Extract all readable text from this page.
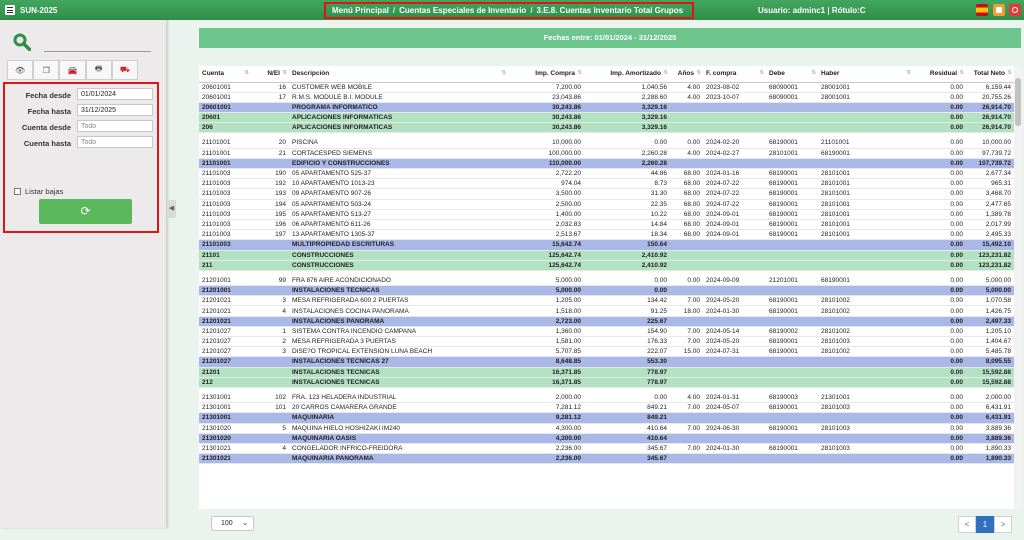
SUN-2025	Menú Principal / Cuentas Especiales de Inventario / 3.E.8. Cuentas Inventario Total Grupos	Usuario: adminc1 | Rótulo:C
👁	❐	🚘	🖶	⛟
Fecha desde
01/01/2024
Fecha hasta
31/12/2025
Cuenta desde
Todo
Cuenta hasta
Todo
Listar bajas
⟳	◀
Fechas entre: 01/01/2024 - 31/12/2025
Cuenta ⇅	N/EI ⇅	Descripción ⇅	Imp. Compra ⇅	Imp. Amortizado ⇅	Años ⇅	F. compra ⇅	Debe ⇅	Haber ⇅	Residual ⇅	Total Neto ⇅

20601001	16	CUSTOMER WEB MOBILE	7,200.00	1,040.56	4.00	2023-08-02	68090001	28001001	0.00	6,159.44
20601001	17	R.M.S. MODULE B.I. MODULE	23,043.86	2,288.60	4.00	2023-10-07	68090001	28001001	0.00	20,755.26
20601001		PROGRAMA INFORMATICO	30,243.86	3,329.16					0.00	26,914.70
20601		APLICACIONES INFORMATICAS	30,243.86	3,329.16					0.00	26,914.70
206		APLICACIONES INFORMATICAS	30,243.86	3,329.16					0.00	26,914.70

21101001	20	PISCINA	10,000.00	0.00	0.00	2024-02-20	68190001	21101001	0.00	10,000.00
21101001	21	CORTACESPED SIEMENS	100,000.00	2,260.28	4.00	2024-02-27	28101001	68190001	0.00	97,739.72
21101001		EDIFICIO Y CONSTRUCCIONES	110,000.00	2,260.28					0.00	107,739.72
21101003	190	05 APARTAMENTO 525-37	2,722.20	44.86	68.00	2024-01-16	68190001	28101001	0.00	2,677.34
21101003	192	10 APARTAMENTO 1013-23	974.04	8.73	68.00	2024-07-22	68190001	28101001	0.00	965.31
21101003	193	09 APARTAMENTO 907-26	3,500.00	31.30	68.00	2024-07-22	68190001	28101001	0.00	3,468.70
21101003	194	05 APARTAMENTO 503-24	2,500.00	22.35	68.00	2024-07-22	68190001	28101001	0.00	2,477.65
21101003	195	05 APARTAMENTO 513-27	1,400.00	10.22	68.00	2024-09-01	68190001	28101001	0.00	1,389.78
21101003	196	06 APARTAMENTO 611-26	2,032.83	14.84	68.00	2024-09-01	68190001	28101001	0.00	2,017.99
21101003	197	13 APARTAMENTO 1305-37	2,513.67	18.34	68.00	2024-09-01	68190001	28101001	0.00	2,495.33
21101003		MULTIPROPIEDAD ESCRITURAS	15,642.74	150.64					0.00	15,492.10
21101		CONSTRUCCIONES	125,642.74	2,410.92					0.00	123,231.82
211		CONSTRUCCIONES	125,642.74	2,410.92					0.00	123,231.82

21201001	99	FRA 876 AIRE ACONDICIONADO	5,000.00	0.00	0.00	2024-09-09	21201001	68190001	0.00	5,000.00
21201001		INSTALACIONES TECNICAS	5,000.00	0.00					0.00	5,000.00
21201021	3	MESA REFRIGERADA 600 2 PUERTAS	1,205.00	134.42	7.00	2024-05-20	68190001	28101002	0.00	1,070.58
21201021	4	INSTALACIONES COCINA PANORAMA	1,518.00	91.25	18.00	2024-01-30	68190001	28101002	0.00	1,426.75
21201021		INSTALACIONES PANORAMA	2,723.00	225.67					0.00	2,497.33
21201027	1	SISTEMA CONTRA INCENDIO CAMPANA	1,360.00	154.90	7.00	2024-05-14	68190002	28101002	0.00	1,205.10
21201027	2	MESA REFRIGERADA 3 PUERTAS	1,581.00	176.33	7.00	2024-05-20	68190001	28101003	0.00	1,404.67
21201027	3	DISE?O TROPICAL EXTENSION LUNA BEACH	5,707.85	222.07	15.00	2024-07-31	68190001	28101002	0.00	5,485.78
21201027		INSTALACIONES TECNICAS 27	8,648.85	553.30					0.00	8,095.55
21201		INSTALACIONES TECNICAS	16,371.85	778.97					0.00	15,592.88
212		INSTALACIONES TECNICAS	16,371.85	778.97					0.00	15,592.88

21301001	102	FRA. 123 HELADERA INDUSTRIAL	2,000.00	0.00	4.00	2024-01-31	68190003	21301001	0.00	2,000.00
21301001	101	20 CARROS CAMARERA GRANDE	7,281.12	849.21	7.00	2024-05-07	68190001	28101003	0.00	6,431.91
21301001		MAQUINARIA	9,281.12	849.21					0.00	6,431.91
21301020	5	MAQUINA HIELO HOSHIZAKI IM240	4,300.00	410.64	7.00	2024-06-30	68190001	28101003	0.00	3,889.36
21301020		MAQUINARIA OASIS	4,300.00	410.64					0.00	3,889.36
21301021	4	CONGELADOR INFRICO-FREIDORA	2,236.00	345.67	7.00	2024-01-30	68190001	28101003	0.00	1,890.33
21301021		MAQUINARIA PANORAMA	2,236.00	345.67					0.00	1,890.33
100 ⌄	<	1	>
